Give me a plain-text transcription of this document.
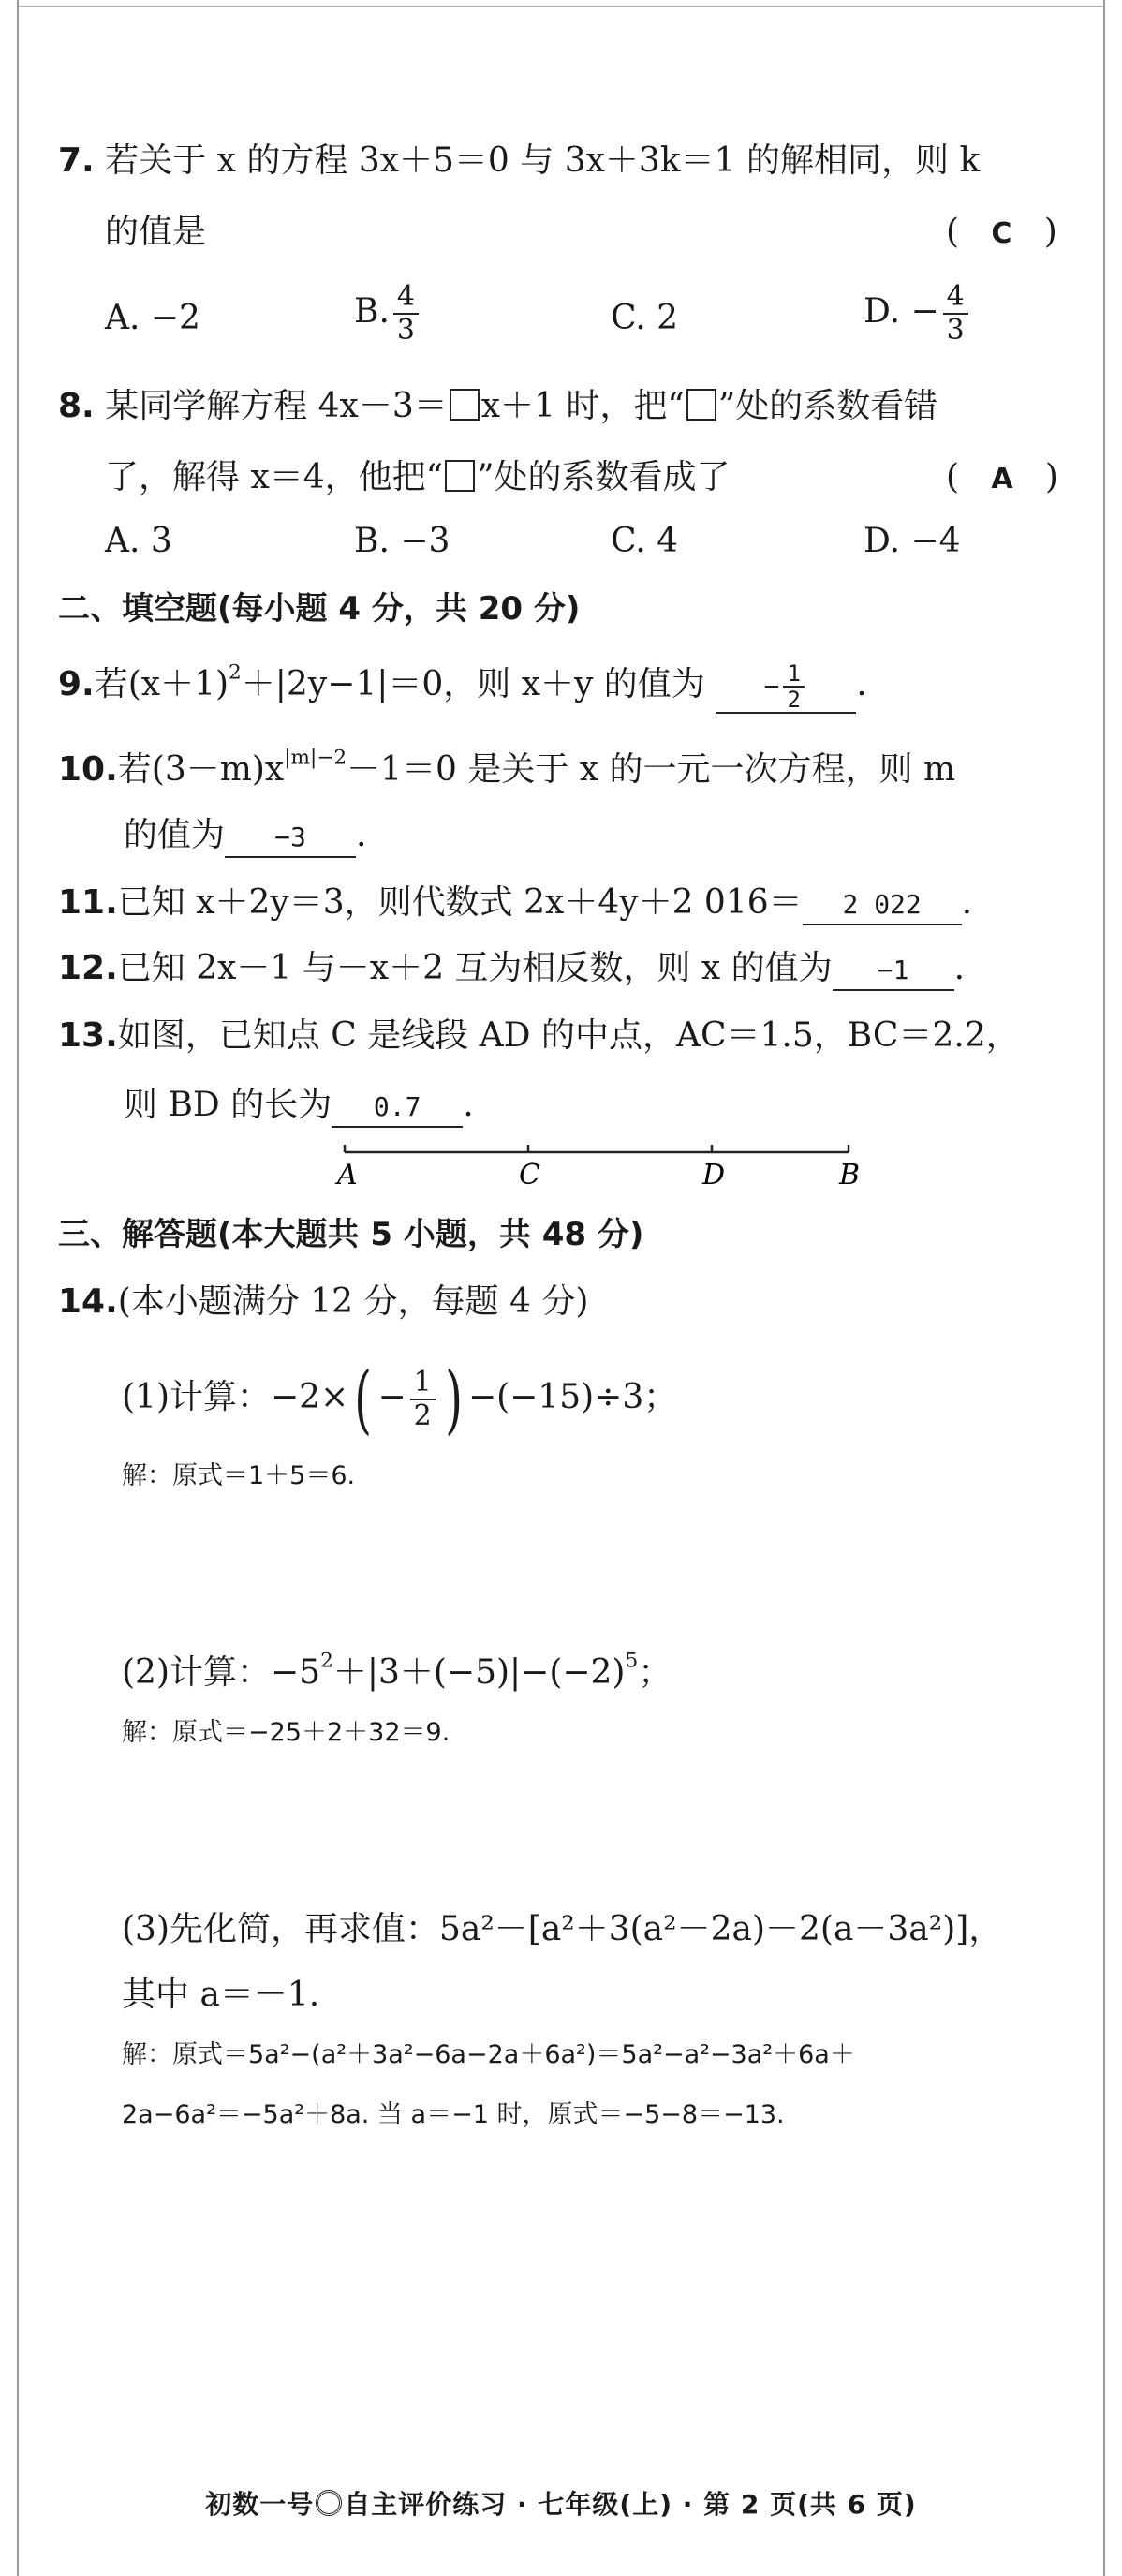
7. 若关于 x 的方程 3x＋5＝0 与 3x＋3k＝1 的解相同，则 k
的值是	(   C   )
A. −2	B. $\frac{4}{3}$	C. 2	D. − $\frac{4}{3}$
8. 某同学解方程 4x－3＝ x＋1 时，把“ ”处的系数看错
了，解得 x＝4，他把“ ”处的系数看成了	(   A   )
A. 3	B. −3	C. 4	D. −4
二、填空题(每小题 4 分，共 20 分)
9.若$(x+1)^2+|2y-1|=0$，则 x＋y 的值为 − $\frac{1}{2}$ .
10.若$(3-m)x^{|m|-2}-1=0$ 是关于 x 的一元一次方程，则 m
的值为 −3 .
11.已知 x＋2y＝3，则代数式 2x＋4y＋2 016＝ 2 022 .
12.已知 2x－1 与－x＋2 互为相反数，则 x 的值为 −1 .
13.如图，已知点 C 是线段 AD 的中点，AC＝1.5，BC＝2.2，
则 BD 的长为 0.7 .
A	C	D	B
三、解答题(本大题共 5 小题，共 48 分)
14.(本小题满分 12 分，每题 4 分)
(1)计算：$-2\times( - \frac{1}{2}$ ) −(−15)÷3；
解：原式＝1＋5＝6.
(2)计算：$-5^2+|3+(-5)|-(-2)^5$；
解：原式＝−25＋2＋32＝9.
(3)先化简，再求值：5a²－[a²＋3(a²－2a)－2(a－3a²)]，
其中 a＝－1.
解：原式＝5a²−(a²＋3a²−6a−2a＋6a²)＝5a²−a²−3a²＋6a＋
2a−6a²＝−5a²＋8a. 当 a＝−1 时，原式＝−5−8＝−13.
初数一号 自主评价练习 · 七年级(上) · 第 2 页(共 6 页)
